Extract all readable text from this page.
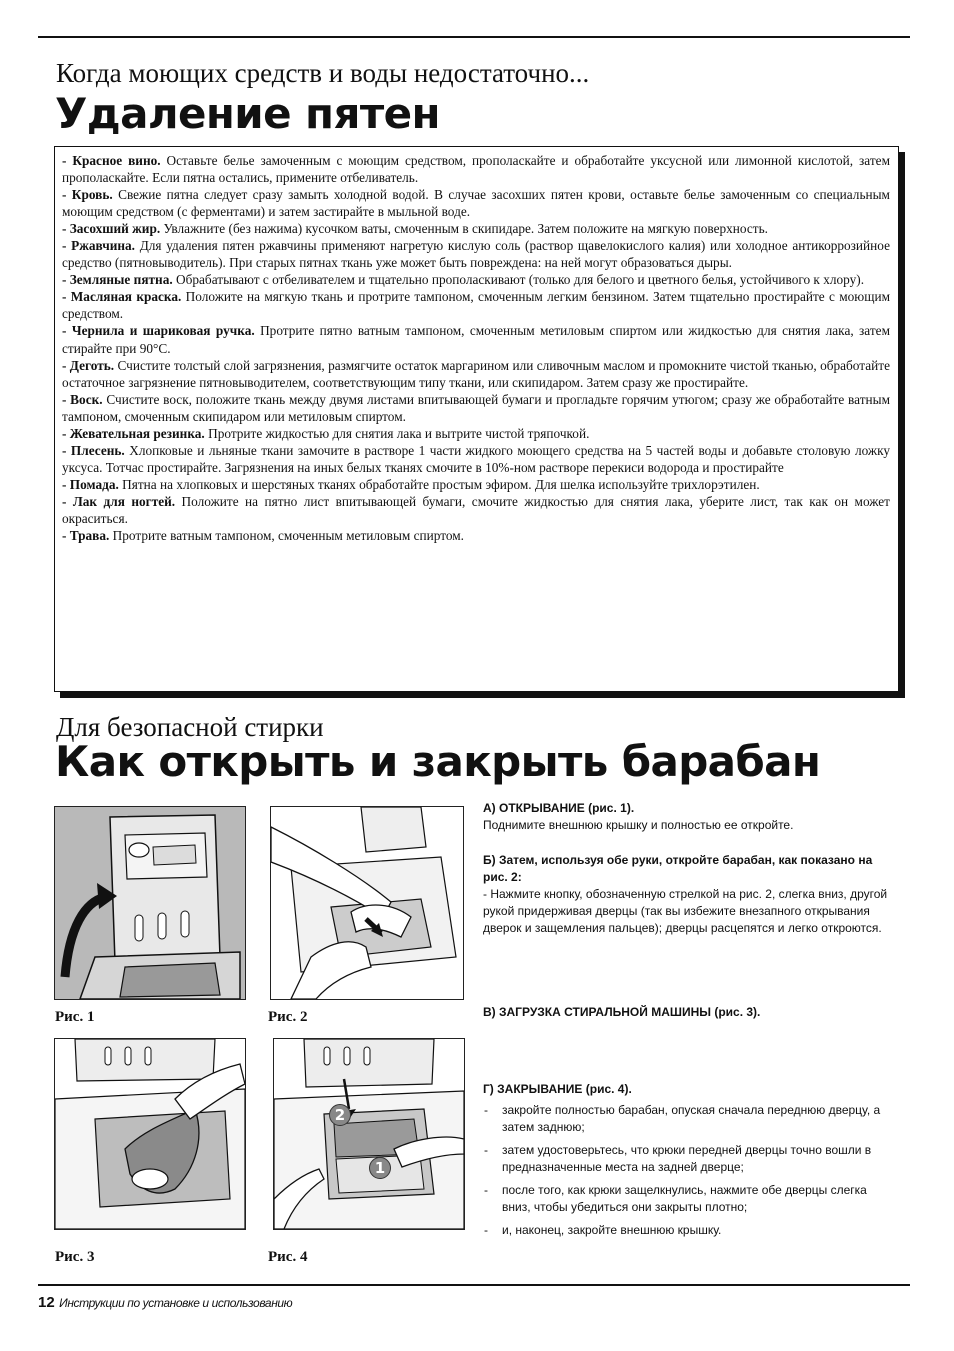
Когда моющих средств и воды недостаточно...
Удаление пятен

- Красное вино. Оставьте белье замоченным с моющим средством, прополаскайте и обработайте уксусной или лимонной кислотой, затем прополаскайте. Если пятна остались, примените отбеливатель.

- Кровь. Свежие пятна следует сразу замыть холодной водой. В случае засохших пятен крови, оставьте белье замоченным со специальным моющим средством (с ферментами) и затем застирайте в мыльной воде.

- Засохший жир. Увлажните (без нажима) кусочком ваты, смоченным в скипидаре. Затем положите на мягкую поверхность.

- Ржавчина. Для удаления пятен ржавчины применяют нагретую кислую соль (раствор щавелокислого калия) или холодное антикоррозийное средство (пятновыводитель). При старых пятнах ткань уже может быть повреждена: на ней могут образоваться дыры.

- Земляные пятна. Обрабатывают с отбеливателем и тщательно прополаскивают (только для белого и цветного белья, устойчивого к хлору).

- Масляная краска. Положите на мягкую ткань и протрите тампоном, смоченным легким бензином. Затем тщательно простирайте с моющим средством.

- Чернила и шариковая ручка. Протрите пятно ватным тампоном, смоченным метиловым спиртом или жидкостью для снятия лака, затем стирайте при 90°C.

- Деготь. Счистите толстый слой загрязнения, размягчите остаток маргарином или сливочным маслом и промокните чистой тканью, обработайте остаточное загрязнение пятновыводителем, соответствующим типу ткани, или скипидаром. Затем сразу же простирайте.

- Воск. Счистите воск, положите ткань между двумя листами впитывающей бумаги и прогладьте горячим утюгом; сразу же обработайте ватным тампоном, смоченным скипидаром или метиловым спиртом.

- Жевательная резинка. Протрите жидкостью для снятия лака и вытрите чистой тряпочкой.

- Плесень. Хлопковые и льняные ткани замочите в растворе 1 части жидкого моющего средства на 5 частей воды и добавьте столовую ложку уксуса. Тотчас простирайте. Загрязнения на иных белых тканях смочите в 10%-ном растворе перекиси водорода и простирайте

- Помада. Пятна на хлопковых и шерстяных тканях обработайте простым эфиром. Для шелка используйте трихлорэтилен.

- Лак для ногтей. Положите на пятно лист впитывающей бумаги, смочите жидкостью для снятия лака, уберите лист, так как он может окраситься.

- Трава. Протрите ватным тампоном, смоченным метиловым спиртом.

Для безопасной стирки
Как открыть и закрыть барабан
Рис. 1	Рис. 2
Рис. 3
2
1
Рис. 4

А) ОТКРЫВАНИЕ (рис. 1).

Поднимите внешнюю крышку и полностью ее откройте.

Б) Затем, используя обе руки, откройте барабан, как показано на рис. 2:

- Нажмите кнопку, обозначенную стрелкой на рис. 2, слегка вниз, другой рукой придерживая дверцы (так вы избежите внезапного открывания дверок и защемления пальцев); дверцы расцепятся и легко откроются.

В) ЗАГРУЗКА СТИРАЛЬНОЙ МАШИНЫ (рис. 3).

Г) ЗАКРЫВАНИЕ (рис. 4).

- закройте полностью барабан, опуская сначала переднюю дверцу, а затем заднюю;
- затем удостоверьтесь, что крюки передней дверцы точно вошли в предназначенные места на задней дверце;
- после того, как крюки защелкнулись, нажмите обе дверцы слегка вниз, чтобы убедиться они закрыты плотно;
- и, наконец, закройте внешнюю крышку.
12 Инструкции по установке и использованию
